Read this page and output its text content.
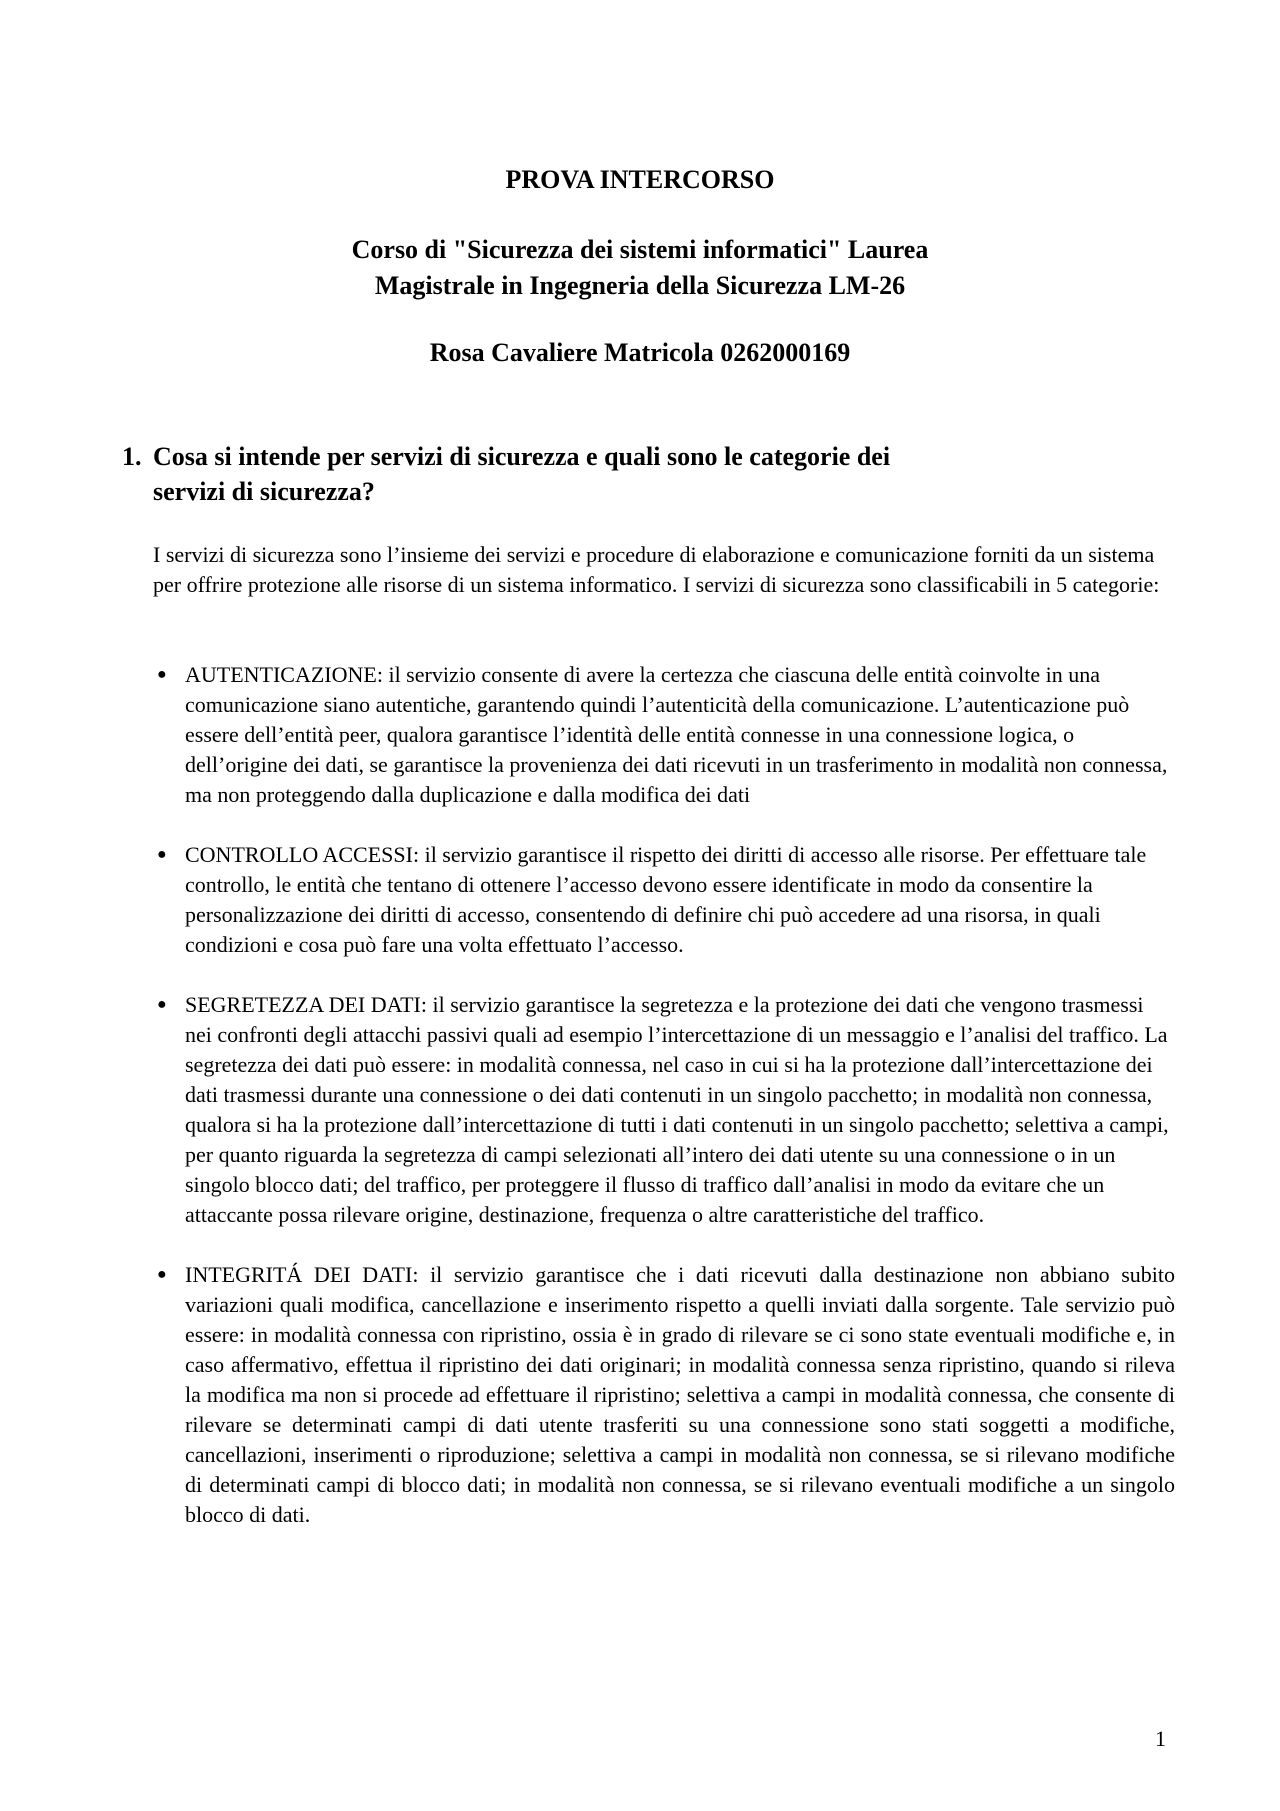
PROVA INTERCORSO
Corso di "Sicurezza dei sistemi informatici" Laurea
Magistrale in Ingegneria della Sicurezza LM-26
Rosa Cavaliere Matricola 0262000169
1. Cosa si intende per servizi di sicurezza e quali sono le categorie dei
servizi di sicurezza?
I servizi di sicurezza sono l’insieme dei servizi e procedure di elaborazione e comunicazione forniti da un sistema per offrire protezione alle risorse di un sistema informatico. I servizi di sicurezza sono classificabili in 5 categorie:
● AUTENTICAZIONE: il servizio consente di avere la certezza che ciascuna delle entità coinvolte in una comunicazione siano autentiche, garantendo quindi l’autenticità della comunicazione. L’autenticazione può essere dell’entità peer, qualora garantisce l’identità delle entità connesse in una connessione logica, o dell’origine dei dati, se garantisce la provenienza dei dati ricevuti in un trasferimento in modalità non connessa, ma non proteggendo dalla duplicazione e dalla modifica dei dati
● CONTROLLO ACCESSI: il servizio garantisce il rispetto dei diritti di accesso alle risorse. Per effettuare tale controllo, le entità che tentano di ottenere l’accesso devono essere identificate in modo da consentire la personalizzazione dei diritti di accesso, consentendo di definire chi può accedere ad una risorsa, in quali condizioni e cosa può fare una volta effettuato l’accesso.
● SEGRETEZZA DEI DATI: il servizio garantisce la segretezza e la protezione dei dati che vengono trasmessi nei confronti degli attacchi passivi quali ad esempio l’intercettazione di un messaggio e l’analisi del traffico. La segretezza dei dati può essere: in modalità connessa, nel caso in cui si ha la protezione dall’intercettazione dei dati trasmessi durante una connessione o dei dati contenuti in un singolo pacchetto; in modalità non connessa, qualora si ha la protezione dall’intercettazione di tutti i dati contenuti in un singolo pacchetto; selettiva a campi, per quanto riguarda la segretezza di campi selezionati all’intero dei dati utente su una connessione o in un singolo blocco dati; del traffico, per proteggere il flusso di traffico dall’analisi in modo da evitare che un attaccante possa rilevare origine, destinazione, frequenza o altre caratteristiche del traffico.
● INTEGRITÁ DEI DATI: il servizio garantisce che i dati ricevuti dalla destinazione non abbiano subito variazioni quali modifica, cancellazione e inserimento rispetto a quelli inviati dalla sorgente. Tale servizio può essere: in modalità connessa con ripristino, ossia è in grado di rilevare se ci sono state eventuali modifiche e, in caso affermativo, effettua il ripristino dei dati originari; in modalità connessa senza ripristino, quando si rileva la modifica ma non si procede ad effettuare il ripristino; selettiva a campi in modalità connessa, che consente di rilevare se determinati campi di dati utente trasferiti su una connessione sono stati soggetti a modifiche, cancellazioni, inserimenti o riproduzione; selettiva a campi in modalità non connessa, se si rilevano modifiche di determinati campi di blocco dati; in modalità non connessa, se si rilevano eventuali modifiche a un singolo blocco di dati.
1
